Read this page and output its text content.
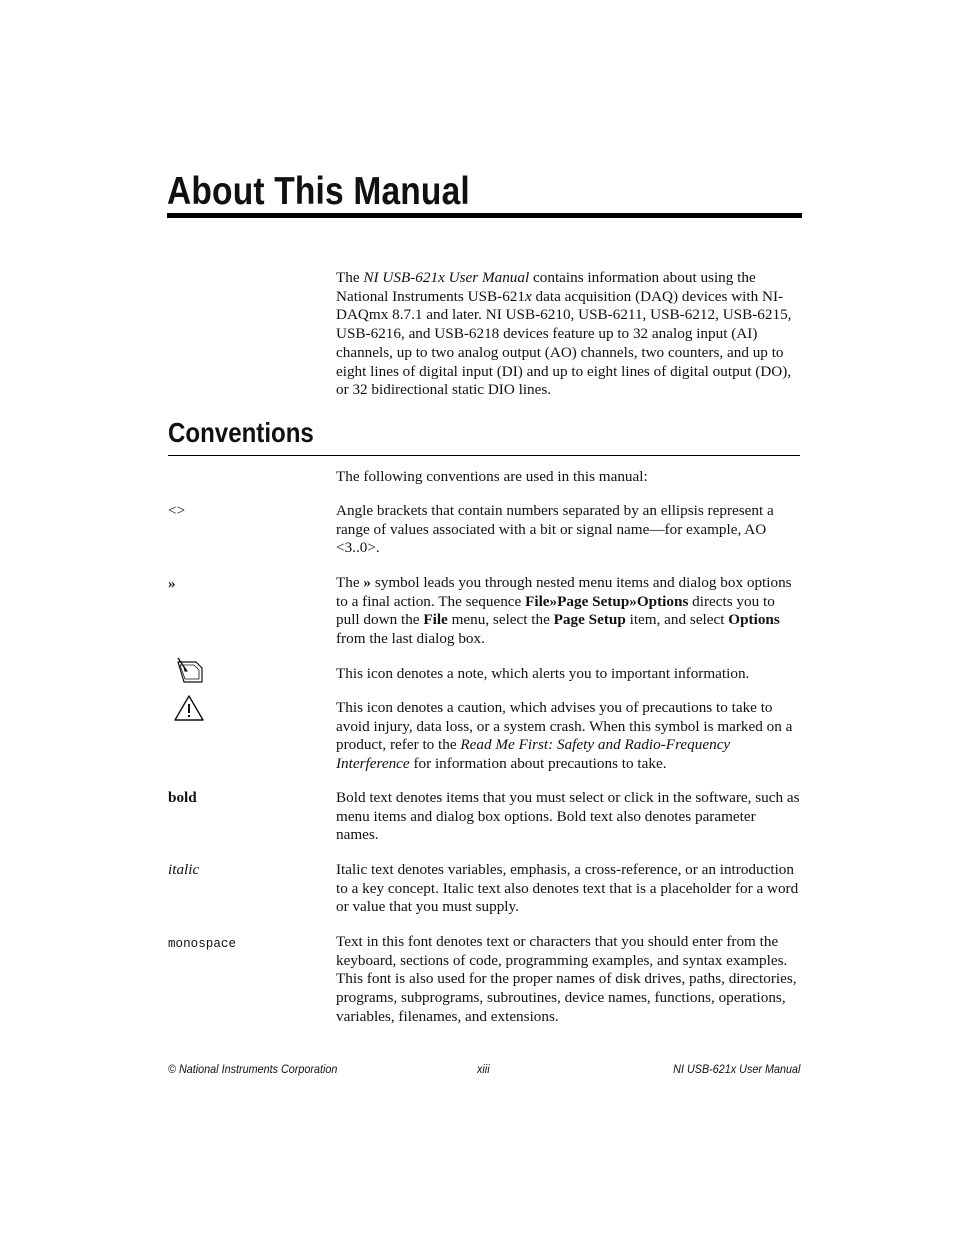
About This Manual

The NI USB-621x User Manual contains information about using the National Instruments USB-621x data acquisition (DAQ) devices with NI-DAQmx 8.7.1 and later. NI USB-6210, USB-6211, USB-6212, USB-6215, USB-6216, and USB-6218 devices feature up to 32 analog input (AI) channels, up to two analog output (AO) channels, two counters, and up to eight lines of digital input (DI) and up to eight lines of digital output (DO), or 32 bidirectional static DIO lines.

Conventions

The following conventions are used in this manual:

<>	Angle brackets that contain numbers separated by an ellipsis represent a range of values associated with a bit or signal name—for example, AO <3..0>.

»	The » symbol leads you through nested menu items and dialog box options to a final action. The sequence File»Page Setup»Options directs you to pull down the File menu, select the Page Setup item, and select Options from the last dialog box.

This icon denotes a note, which alerts you to important information.

This icon denotes a caution, which advises you of precautions to take to avoid injury, data loss, or a system crash. When this symbol is marked on a product, refer to the Read Me First: Safety and Radio-Frequency Interference for information about precautions to take.

bold	Bold text denotes items that you must select or click in the software, such as menu items and dialog box options. Bold text also denotes parameter names.

italic	Italic text denotes variables, emphasis, a cross-reference, or an introduction to a key concept. Italic text also denotes text that is a placeholder for a word or value that you must supply.

monospace	Text in this font denotes text or characters that you should enter from the keyboard, sections of code, programming examples, and syntax examples. This font is also used for the proper names of disk drives, paths, directories, programs, subprograms, subroutines, device names, functions, operations, variables, filenames, and extensions.

© National Instruments Corporation	xiii	NI USB-621x User Manual
